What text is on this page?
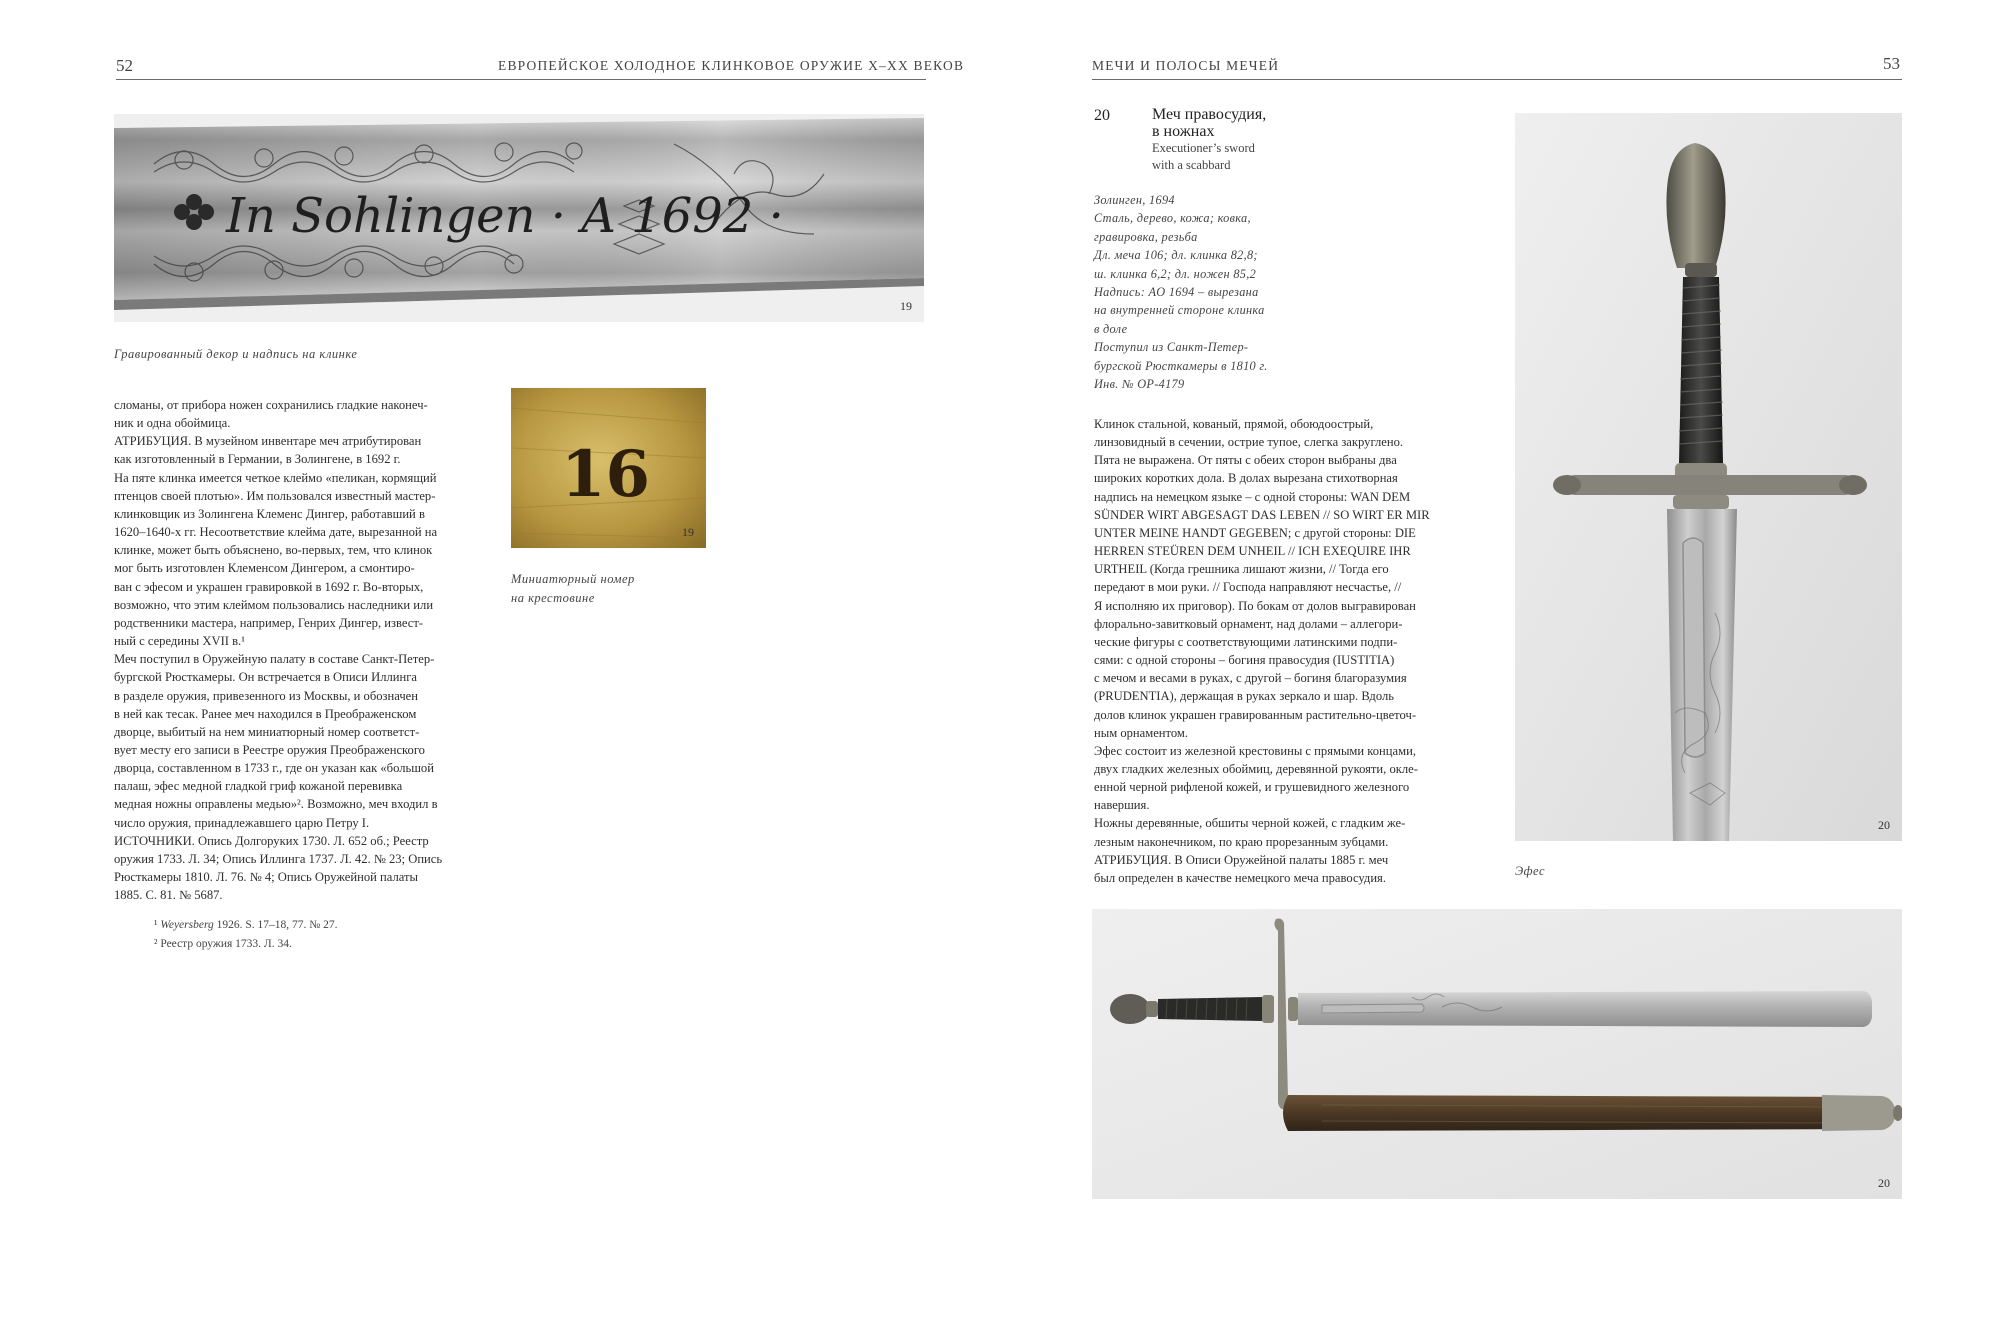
52	ЕВРОПЕЙСКОЕ ХОЛОДНОЕ КЛИНКОВОЕ ОРУЖИЕ X–XX ВЕКОВ
In Sohlingen · A 1692 ·
19
Гравированный декор и надпись на клинке

сломаны, от прибора ножен сохранились гладкие наконеч-

ник и одна обоймица.

АТРИБУЦИЯ. В музейном инвентаре меч атрибутирован

как изготовленный в Германии, в Золингене, в 1692 г.

На пяте клинка имеется четкое клеймо «пеликан, кормящий

птенцов своей плотью». Им пользовался известный мастер-

клинковщик из Золингена Клеменс Дингер, работавший в

1620–1640-х гг. Несоответствие клейма дате, вырезанной на

клинке, может быть объяснено, во-первых, тем, что клинок

мог быть изготовлен Клеменсом Дингером, а смонтиро-

ван с эфесом и украшен гравировкой в 1692 г. Во-вторых,

возможно, что этим клеймом пользовались наследники или

родственники мастера, например, Генрих Дингер, извест-

ный с середины XVII в.¹

Меч поступил в Оружейную палату в составе Санкт-Петер-

бургской Рюсткамеры. Он встречается в Описи Иллинга

в разделе оружия, привезенного из Москвы, и обозначен

в ней как тесак. Ранее меч находился в Преображенском

дворце, выбитый на нем миниатюрный номер соответст-

вует месту его записи в Реестре оружия Преображенского

дворца, составленном в 1733 г., где он указан как «большой

палаш, эфес медной гладкой гриф кожаной перевивка

медная ножны оправлены медью»². Возможно, меч входил в

число оружия, принадлежавшего царю Петру I.

ИСТОЧНИКИ. Опись Долгоруких 1730. Л. 652 об.; Реестр

оружия 1733. Л. 34; Опись Иллинга 1737. Л. 42. № 23; Опись

Рюсткамеры 1810. Л. 76. № 4; Опись Оружейной палаты

1885. С. 81. № 5687.

¹ Weyersberg 1926. S. 17–18, 77. № 27.
² Реестр оружия 1733. Л. 34.
16
19
Миниатюрный номер
на крестовине
МЕЧИ И ПОЛОСЫ МЕЧЕЙ	53
20	Меч правосудия,
в ножнах
Executioner’s sword
with a scabbard
Золинген, 1694
Сталь, дерево, кожа; ковка,
гравировка, резьба
Дл. меча 106; дл. клинка 82,8;
ш. клинка 6,2; дл. ножен 85,2
Надпись: AO 1694 – вырезана
на внутренней стороне клинка
в доле
Поступил из Санкт-Петер-
бургской Рюсткамеры в 1810 г.
Инв. № ОР-4179

Клинок стальной, кованый, прямой, обоюдоострый,

линзовидный в сечении, острие тупое, слегка закруглено.

Пята не выражена. От пяты с обеих сторон выбраны два

широких коротких дола. В долах вырезана стихотворная

надпись на немецком языке – с одной стороны: WAN DEM

SÜNDER WIRT ABGESAGT DAS LEBEN // SO WIRT ER MIR

UNTER MEINE HANDT GEGEBEN; с другой стороны: DIE

HERREN STEÜREN DEM UNHEIL // ICH EXEQUIRE IHR

URTHEIL (Когда грешника лишают жизни, // Тогда его

передают в мои руки. // Господа направляют несчастье, //

Я исполняю их приговор). По бокам от долов выгравирован

флорально-завитковый орнамент, над долами – аллегори-

ческие фигуры с соответствующими латинскими подпи-

сями: с одной стороны – богиня правосудия (IUSTITIA)

с мечом и весами в руках, с другой – богиня благоразумия

(PRUDENTIA), держащая в руках зеркало и шар. Вдоль

долов клинок украшен гравированным растительно-цветоч-

ным орнаментом.

Эфес состоит из железной крестовины с прямыми концами,

двух гладких железных обоймиц, деревянной рукояти, окле-

енной черной рифленой кожей, и грушевидного железного

навершия.

Ножны деревянные, обшиты черной кожей, с гладким же-

лезным наконечником, по краю прорезанным зубцами.

АТРИБУЦИЯ. В Описи Оружейной палаты 1885 г. меч

был определен в качестве немецкого меча правосудия.

20
Эфес
20
